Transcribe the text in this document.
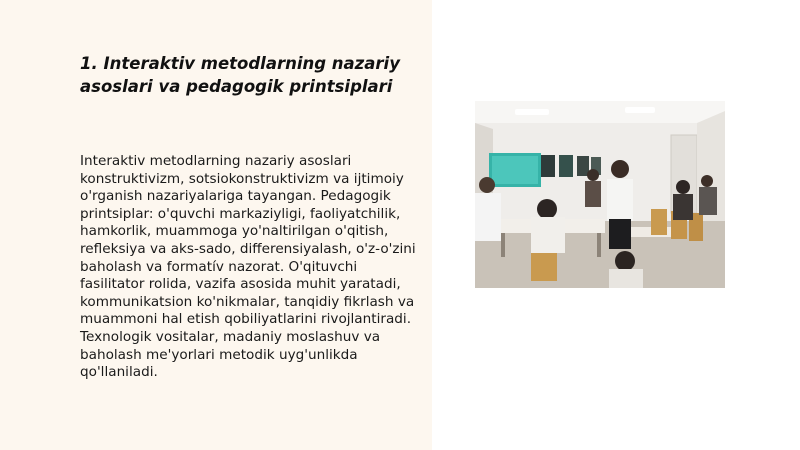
1. Interaktiv metodlarning nazariy asoslari va pedagogik printsiplari

Interaktiv metodlarning nazariy asoslari konstruktivizm, sotsiokonstruktivizm va ijtimoiy o'rganish nazariyalariga tayangan. Pedagogik printsiplar: o'quvchi markaziyligi, faoliyatchilik, hamkorlik, muammoga yo'naltirilgan o'qitish, refleksiya va aks-sado, differensiyalash, o'z-o'zini baholash va formatív nazorat. O'qituvchi fasilitator rolida, vazifa asosida muhit yaratadi, kommunikatsion ko'nikmalar, tanqidiy fikrlash va muammoni hal etish qobiliyatlarini rivojlantiradi. Texnologik vositalar, madaniy moslashuv va baholash me'yorlari metodik uyg'unlikda qo'llaniladi.
